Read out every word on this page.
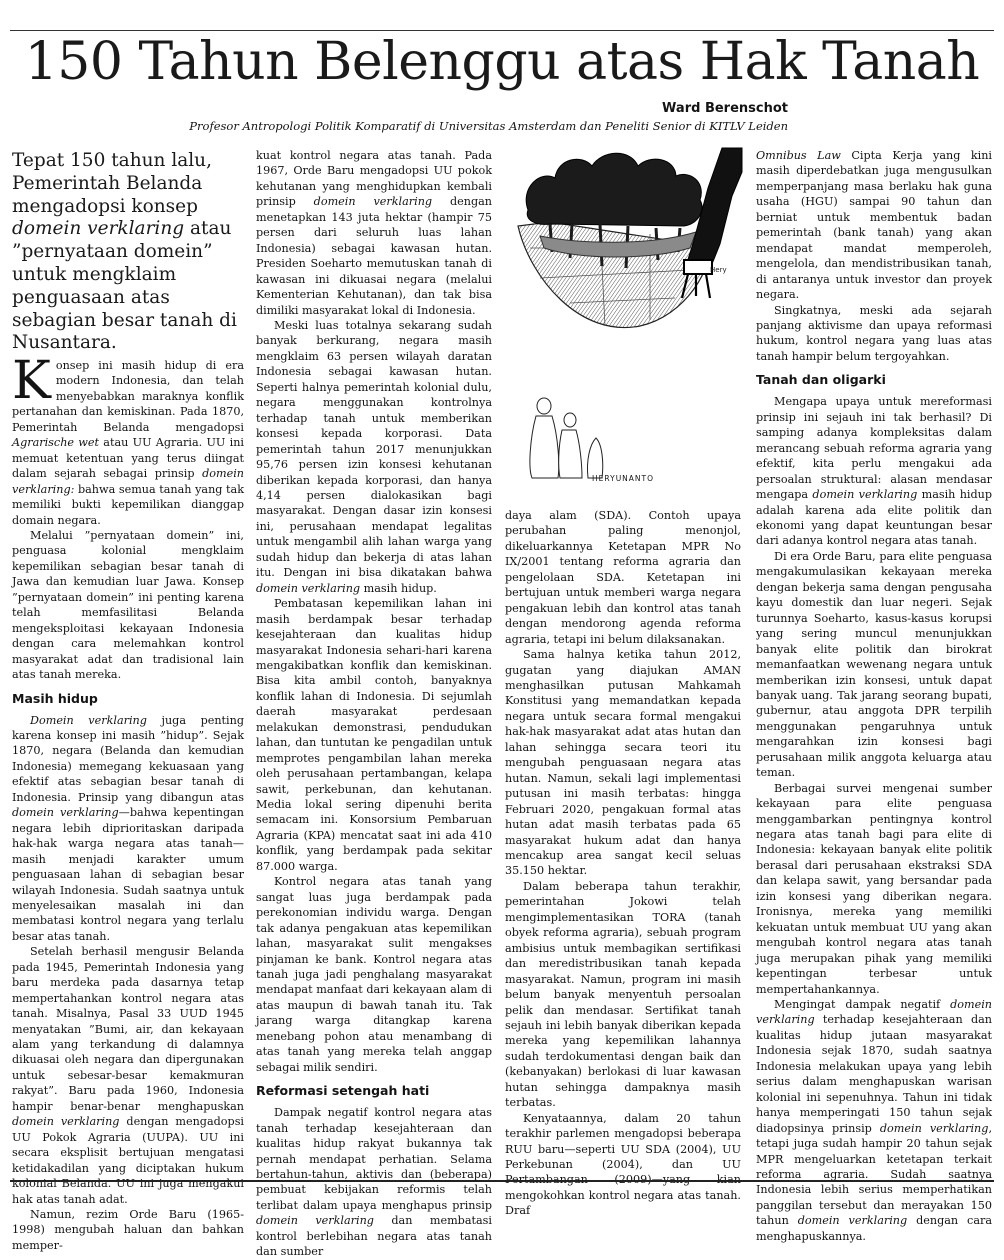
150 Tahun Belenggu atas Hak Tanah
Ward Berenschot
Profesor Antropologi Politik Komparatif di Universitas Amsterdam dan Peneliti Senior di KITLV Leiden
Tepat 150 tahun lalu, Pemerintah Belanda mengadopsi konsep domein verklaring atau ”pernyataan domein” untuk mengklaim penguasaan atas sebagian besar tanah di Nusantara.

Konsep ini masih hidup di era modern Indonesia, dan telah menyebabkan maraknya konflik pertanahan dan kemiskinan. Pada 1870, Pemerintah Belanda mengadopsi Agrarische wet atau UU Agraria. UU ini memuat ketentuan yang terus diingat dalam sejarah sebagai prinsip domein verklaring: bahwa semua tanah yang tak memiliki bukti kepemilikan dianggap domain negara.

Melalui ”pernyataan domein” ini, penguasa kolonial mengklaim kepemilikan sebagian besar tanah di Jawa dan kemudian luar Jawa. Konsep ”pernyataan domein” ini penting karena telah memfasilitasi Belanda mengeksploitasi kekayaan Indonesia dengan cara melemahkan kontrol masyarakat adat dan tradisional lain atas tanah mereka.

Masih hidup

Domein verklaring juga penting karena konsep ini masih ”hidup”. Sejak 1870, negara (Belanda dan kemudian Indonesia) memegang kekuasaan yang efektif atas sebagian besar tanah di Indonesia. Prinsip yang dibangun atas domein verklaring—bahwa kepentingan negara lebih diprioritaskan daripada hak-hak warga negara atas tanah—masih menjadi karakter umum penguasaan lahan di sebagian besar wilayah Indonesia. Sudah saatnya untuk menyelesaikan masalah ini dan membatasi kontrol negara yang terlalu besar atas tanah.

Setelah berhasil mengusir Belanda pada 1945, Pemerintah Indonesia yang baru merdeka pada dasarnya tetap mempertahankan kontrol negara atas tanah. Misalnya, Pasal 33 UUD 1945 menyatakan ”Bumi, air, dan kekayaan alam yang terkandung di dalamnya dikuasai oleh negara dan dipergunakan untuk sebesar-besar kemakmuran rakyat”. Baru pada 1960, Indonesia hampir benar-benar menghapuskan domein verklaring dengan mengadopsi UU Pokok Agraria (UUPA). UU ini secara eksplisit bertujuan mengatasi ketidakadilan yang diciptakan hukum kolonial Belanda. UU ini juga mengakui hak atas tanah adat.

Namun, rezim Orde Baru (1965-1998) mengubah haluan dan bahkan memper-

kuat kontrol negara atas tanah. Pada 1967, Orde Baru mengadopsi UU pokok kehutanan yang menghidupkan kembali prinsip domein verklaring dengan menetapkan 143 juta hektar (hampir 75 persen dari seluruh luas lahan Indonesia) sebagai kawasan hutan. Presiden Soeharto memutuskan tanah di kawasan ini dikuasai negara (melalui Kementerian Kehutanan), dan tak bisa dimiliki masyarakat lokal di Indonesia.

Meski luas totalnya sekarang sudah banyak berkurang, negara masih mengklaim 63 persen wilayah daratan Indonesia sebagai kawasan hutan. Seperti halnya pemerintah kolonial dulu, negara menggunakan kontrolnya terhadap tanah untuk memberikan konsesi kepada korporasi. Data pemerintah tahun 2017 menunjukkan 95,76 persen izin konsesi kehutanan diberikan kepada korporasi, dan hanya 4,14 persen dialokasikan bagi masyarakat. Dengan dasar izin konsesi ini, perusahaan mendapat legalitas untuk mengambil alih lahan warga yang sudah hidup dan bekerja di atas lahan itu. Dengan ini bisa dikatakan bahwa domein verklaring masih hidup.

Pembatasan kepemilikan lahan ini masih berdampak besar terhadap kesejahteraan dan kualitas hidup masyarakat Indonesia sehari-hari karena mengakibatkan konflik dan kemiskinan. Bisa kita ambil contoh, banyaknya konflik lahan di Indonesia. Di sejumlah daerah masyarakat perdesaan melakukan demonstrasi, pendudukan lahan, dan tuntutan ke pengadilan untuk memprotes pengambilan lahan mereka oleh perusahaan pertambangan, kelapa sawit, perkebunan, dan kehutanan. Media lokal sering dipenuhi berita semacam ini. Konsorsium Pembaruan Agraria (KPA) mencatat saat ini ada 410 konflik, yang berdampak pada sekitar 87.000 warga.

Kontrol negara atas tanah yang sangat luas juga berdampak pada perekonomian individu warga. Dengan tak adanya pengakuan atas kepemilikan lahan, masyarakat sulit mengakses pinjaman ke bank. Kontrol negara atas tanah juga jadi penghalang masyarakat mendapat manfaat dari kekayaan alam di atas maupun di bawah tanah itu. Tak jarang warga ditangkap karena menebang pohon atau menambang di atas tanah yang mereka telah anggap sebagai milik sendiri.

Reformasi setengah hati

Dampak negatif kontrol negara atas tanah terhadap kesejahteraan dan kualitas hidup rakyat bukannya tak pernah mendapat perhatian. Selama bertahun-tahun, aktivis dan (beberapa) pembuat kebijakan reformis telah terlibat dalam upaya menghapus prinsip domein verklaring dan membatasi kontrol berlebihan negara atas tanah dan sumber

Hery
HERYUNANTO

daya alam (SDA). Contoh upaya perubahan paling menonjol, dikeluarkannya Ketetapan MPR No IX/2001 tentang reforma agraria dan pengelolaan SDA. Ketetapan ini bertujuan untuk memberi warga negara pengakuan lebih dan kontrol atas tanah dengan mendorong agenda reforma agraria, tetapi ini belum dilaksanakan.

Sama halnya ketika tahun 2012, gugatan yang diajukan AMAN menghasilkan putusan Mahkamah Konstitusi yang memandatkan kepada negara untuk secara formal mengakui hak-hak masyarakat adat atas hutan dan lahan sehingga secara teori itu mengubah penguasaan negara atas hutan. Namun, sekali lagi implementasi putusan ini masih terbatas: hingga Februari 2020, pengakuan formal atas hutan adat masih terbatas pada 65 masyarakat hukum adat dan hanya mencakup area sangat kecil seluas 35.150 hektar.

Dalam beberapa tahun terakhir, pemerintahan Jokowi telah mengimplementasikan TORA (tanah obyek reforma agraria), sebuah program ambisius untuk membagikan sertifikasi dan meredistribusikan tanah kepada masyarakat. Namun, program ini masih belum banyak menyentuh persoalan pelik dan mendasar. Sertifikat tanah sejauh ini lebih banyak diberikan kepada mereka yang kepemilikan lahannya sudah terdokumentasi dengan baik dan (kebanyakan) berlokasi di luar kawasan hutan sehingga dampaknya masih terbatas.

Kenyataannya, dalam 20 tahun terakhir parlemen mengadopsi beberapa RUU baru—seperti UU SDA (2004), UU Perkebunan (2004), dan UU Pertambangan (2009)—yang kian mengokohkan kontrol negara atas tanah. Draf

Omnibus Law Cipta Kerja yang kini masih diperdebatkan juga mengusulkan memperpanjang masa berlaku hak guna usaha (HGU) sampai 90 tahun dan berniat untuk membentuk badan pemerintah (bank tanah) yang akan mendapat mandat memperoleh, mengelola, dan mendistribusikan tanah, di antaranya untuk investor dan proyek negara.

Singkatnya, meski ada sejarah panjang aktivisme dan upaya reformasi hukum, kontrol negara yang luas atas tanah hampir belum tergoyahkan.

Tanah dan oligarki

Mengapa upaya untuk mereformasi prinsip ini sejauh ini tak berhasil? Di samping adanya kompleksitas dalam merancang sebuah reforma agraria yang efektif, kita perlu mengakui ada persoalan struktural: alasan mendasar mengapa domein verklaring masih hidup adalah karena ada elite politik dan ekonomi yang dapat keuntungan besar dari adanya kontrol negara atas tanah.

Di era Orde Baru, para elite penguasa mengakumulasikan kekayaan mereka dengan bekerja sama dengan pengusaha kayu domestik dan luar negeri. Sejak turunnya Soeharto, kasus-kasus korupsi yang sering muncul menunjukkan banyak elite politik dan birokrat memanfaatkan wewenang negara untuk memberikan izin konsesi, untuk dapat banyak uang. Tak jarang seorang bupati, gubernur, atau anggota DPR terpilih menggunakan pengaruhnya untuk mengarahkan izin konsesi bagi perusahaan milik anggota keluarga atau teman.

Berbagai survei mengenai sumber kekayaan para elite penguasa menggambarkan pentingnya kontrol negara atas tanah bagi para elite di Indonesia: kekayaan banyak elite politik berasal dari perusahaan ekstraksi SDA dan kelapa sawit, yang bersandar pada izin konsesi yang diberikan negara. Ironisnya, mereka yang memiliki kekuatan untuk membuat UU yang akan mengubah kontrol negara atas tanah juga merupakan pihak yang memiliki kepentingan terbesar untuk mempertahankannya.

Mengingat dampak negatif domein verklaring terhadap kesejahteraan dan kualitas hidup jutaan masyarakat Indonesia sejak 1870, sudah saatnya Indonesia melakukan upaya yang lebih serius dalam menghapuskan warisan kolonial ini sepenuhnya. Tahun ini tidak hanya memperingati 150 tahun sejak diadopsinya prinsip domein verklaring, tetapi juga sudah hampir 20 tahun sejak MPR mengeluarkan ketetapan terkait reforma agraria. Sudah saatnya Indonesia lebih serius memperhatikan panggilan tersebut dan merayakan 150 tahun domein verklaring dengan cara menghapuskannya.
